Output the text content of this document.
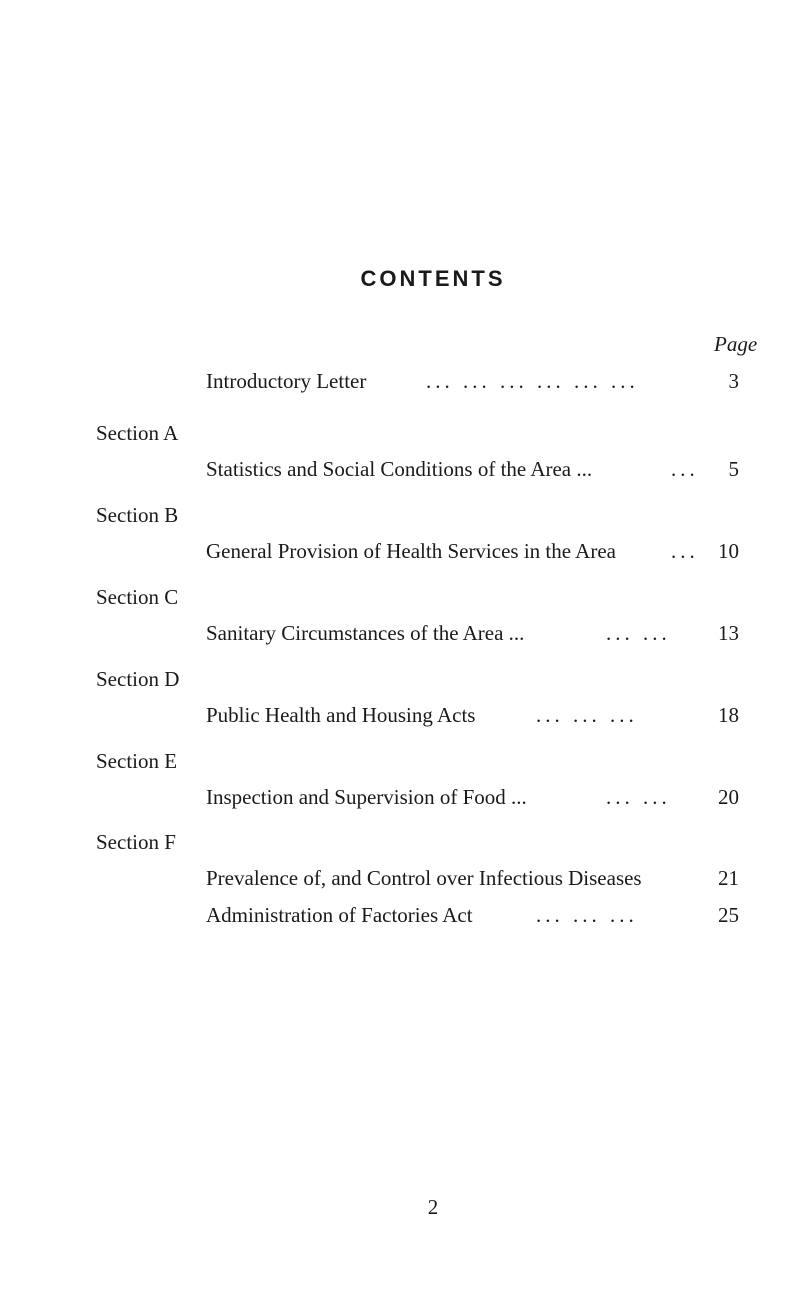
CONTENTS
Page
Introductory Letter	... ... ... ... ... ...	3
Section A
Statistics and Social Conditions of the Area ...	... 5
Section B
General Provision of Health Services in the Area	... 10
Section C
Sanitary Circumstances of the Area ...	... ... 13
Section D
Public Health and Housing Acts	... ... ...	18
Section E
Inspection and Supervision of Food ...	... ... 20
Section F
Prevalence of, and Control over Infectious Diseases	21
Administration of Factories Act	... ... ...	25
2
